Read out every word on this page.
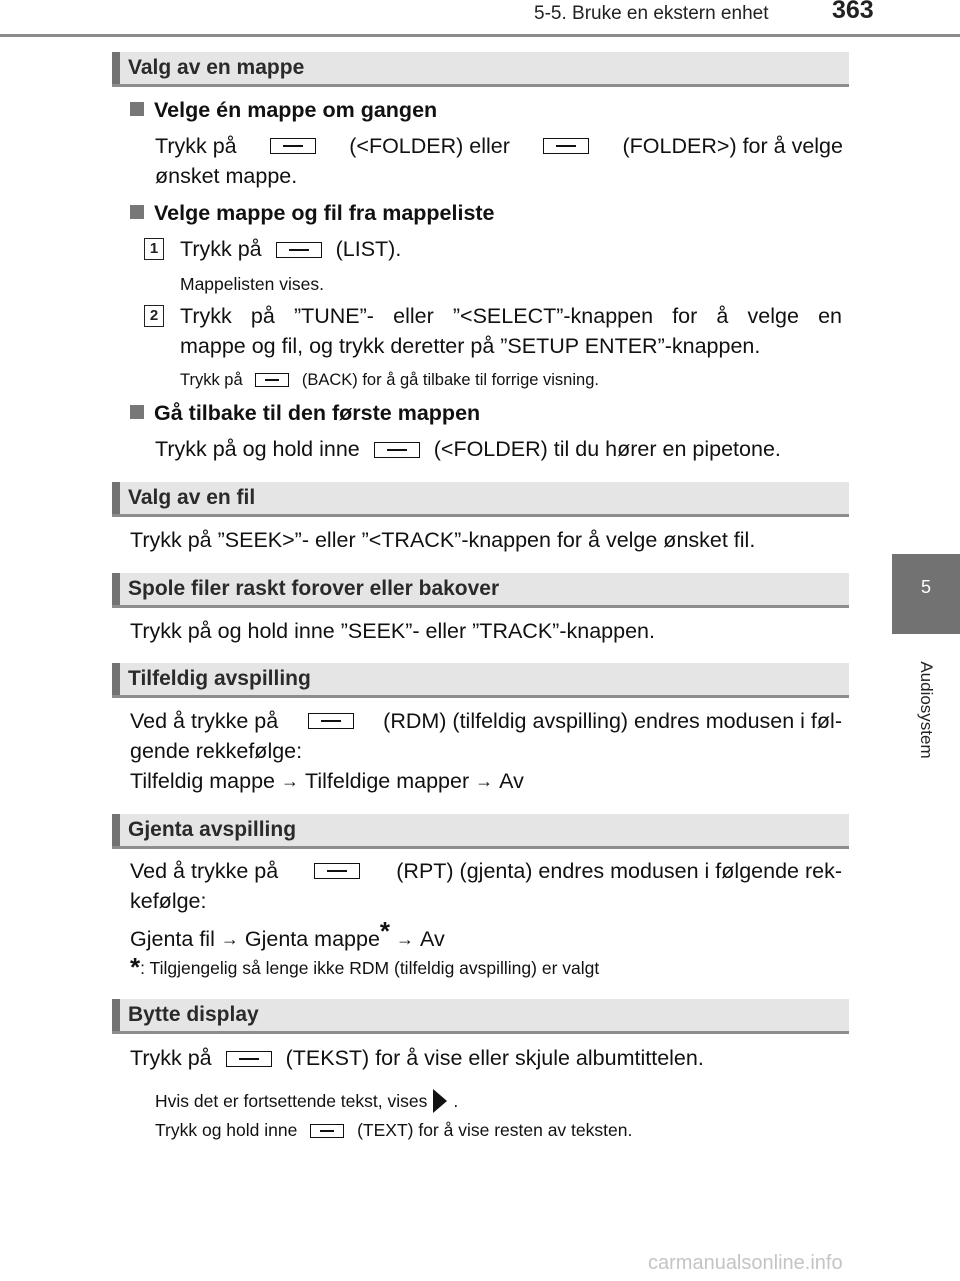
5-5. Bruke en ekstern enhet	363
5
Audiosystem
Valg av en mappe
Velge én mappe om gangen
Trykk på	(<FOLDER) eller	(FOLDER>) for å velge
ønsket mappe.
Velge mappe og fil fra mappeliste
1 Trykk på	(LIST).
Mappelisten vises.
2 Trykk på ”TUNE”- eller ”<SELECT”-knappen for å velge en
mappe og fil, og trykk deretter på ”SETUP ENTER”-knappen.
Trykk på	(BACK) for å gå tilbake til forrige visning.
Gå tilbake til den første mappen
Trykk på og hold inne	(<FOLDER) til du hører en pipetone.
Valg av en fil
Trykk på ”SEEK>”- eller ”<TRACK”-knappen for å velge ønsket fil.
Spole filer raskt forover eller bakover
Trykk på og hold inne ”SEEK”- eller ”TRACK”-knappen.
Tilfeldig avspilling
Ved å trykke på	(RDM) (tilfeldig avspilling) endres modusen i føl-
gende rekkefølge:
Tilfeldig mappe → Tilfeldige mapper → Av
Gjenta avspilling
Ved å trykke på	(RPT) (gjenta) endres modusen i følgende rek-
kefølge:
Gjenta fil → Gjenta mappe* → Av
*: Tilgjengelig så lenge ikke RDM (tilfeldig avspilling) er valgt
Bytte display
Trykk på	(TEKST) for å vise eller skjule albumtittelen.
Hvis det er fortsettende tekst, vises .
Trykk og hold inne	(TEXT) for å vise resten av teksten.
carmanualsonline.info
